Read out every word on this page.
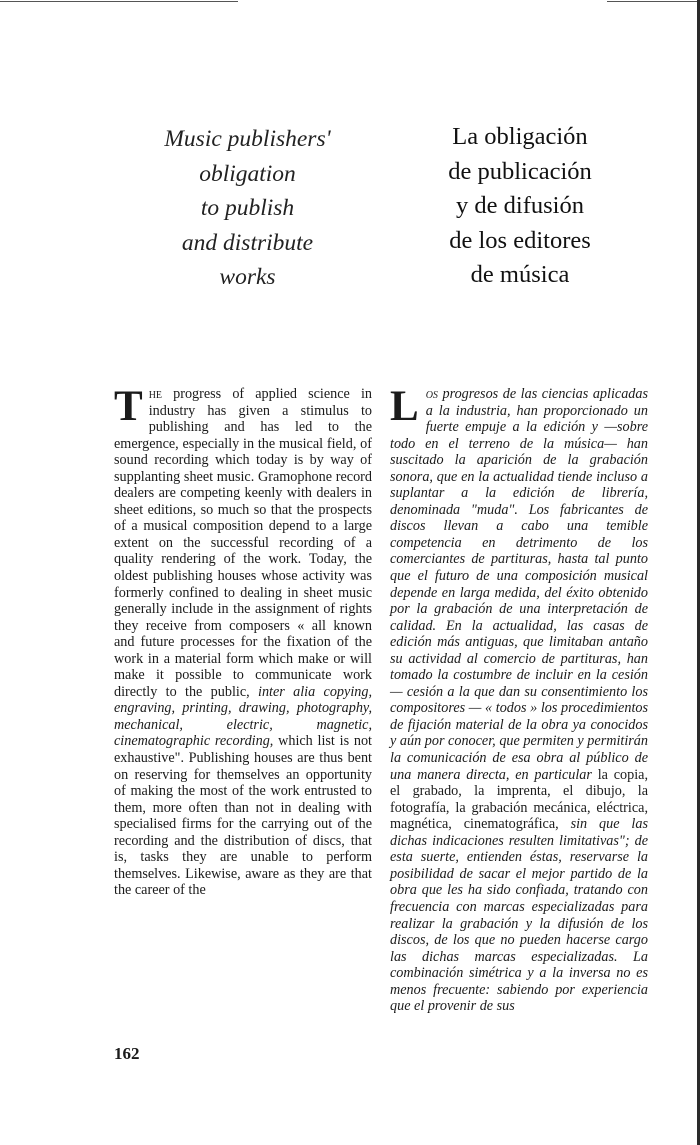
Music publishers'
obligation
to publish
and distribute
works
La obligación
de publicación
y de difusión
de los editores
de música

The progress of applied science in industry has given a stimulus to publishing and has led to the emergence, especially in the musical field, of sound recording which today is by way of supplanting sheet music. Gramophone record dealers are competing keenly with dealers in sheet editions, so much so that the prospects of a musical composition depend to a large extent on the successful recording of a quality rendering of the work. Today, the oldest publishing houses whose activity was formerly confined to dealing in sheet music generally include in the assignment of rights they receive from composers « all known and future processes for the fixation of the work in a material form which make or will make it possible to communicate work directly to the public, inter alia copying, engraving, printing, drawing, photography, mechanical, electric, magnetic, cinematographic recording, which list is not exhaustive". Publishing houses are thus bent on reserving for themselves an opportunity of making the most of the work entrusted to them, more often than not in dealing with specialised firms for the carrying out of the recording and the distribution of discs, that is, tasks they are unable to perform themselves. Likewise, aware as they are that the career of the

Los progresos de las ciencias aplicadas a la industria, han proporcionado un fuerte empuje a la edición y —sobre todo en el terreno de la música— han suscitado la aparición de la grabación sonora, que en la actualidad tiende incluso a suplantar a la edición de librería, denominada "muda". Los fabricantes de discos llevan a cabo una temible competencia en detrimento de los comerciantes de partituras, hasta tal punto que el futuro de una composición musical depende en larga medida, del éxito obtenido por la grabación de una interpretación de calidad. En la actualidad, las casas de edición más antiguas, que limitaban antaño su actividad al comercio de partituras, han tomado la costumbre de incluir en la cesión — cesión a la que dan su consentimiento los compositores — « todos » los procedimientos de fijación material de la obra ya conocidos y aún por conocer, que permiten y permitirán la comunicación de esa obra al público de una manera directa, en particular la copia, el grabado, la imprenta, el dibujo, la fotografía, la grabación mecánica, eléctrica, magnética, cinematográfica, sin que las dichas indicaciones resulten limitativas"; de esta suerte, entienden éstas, reservarse la posibilidad de sacar el mejor partido de la obra que les ha sido confiada, tratando con frecuencia con marcas especializadas para realizar la grabación y la difusión de los discos, de los que no pueden hacerse cargo las dichas marcas especializadas. La combinación simétrica y a la inversa no es menos frecuente: sabiendo por experiencia que el provenir de sus

162
